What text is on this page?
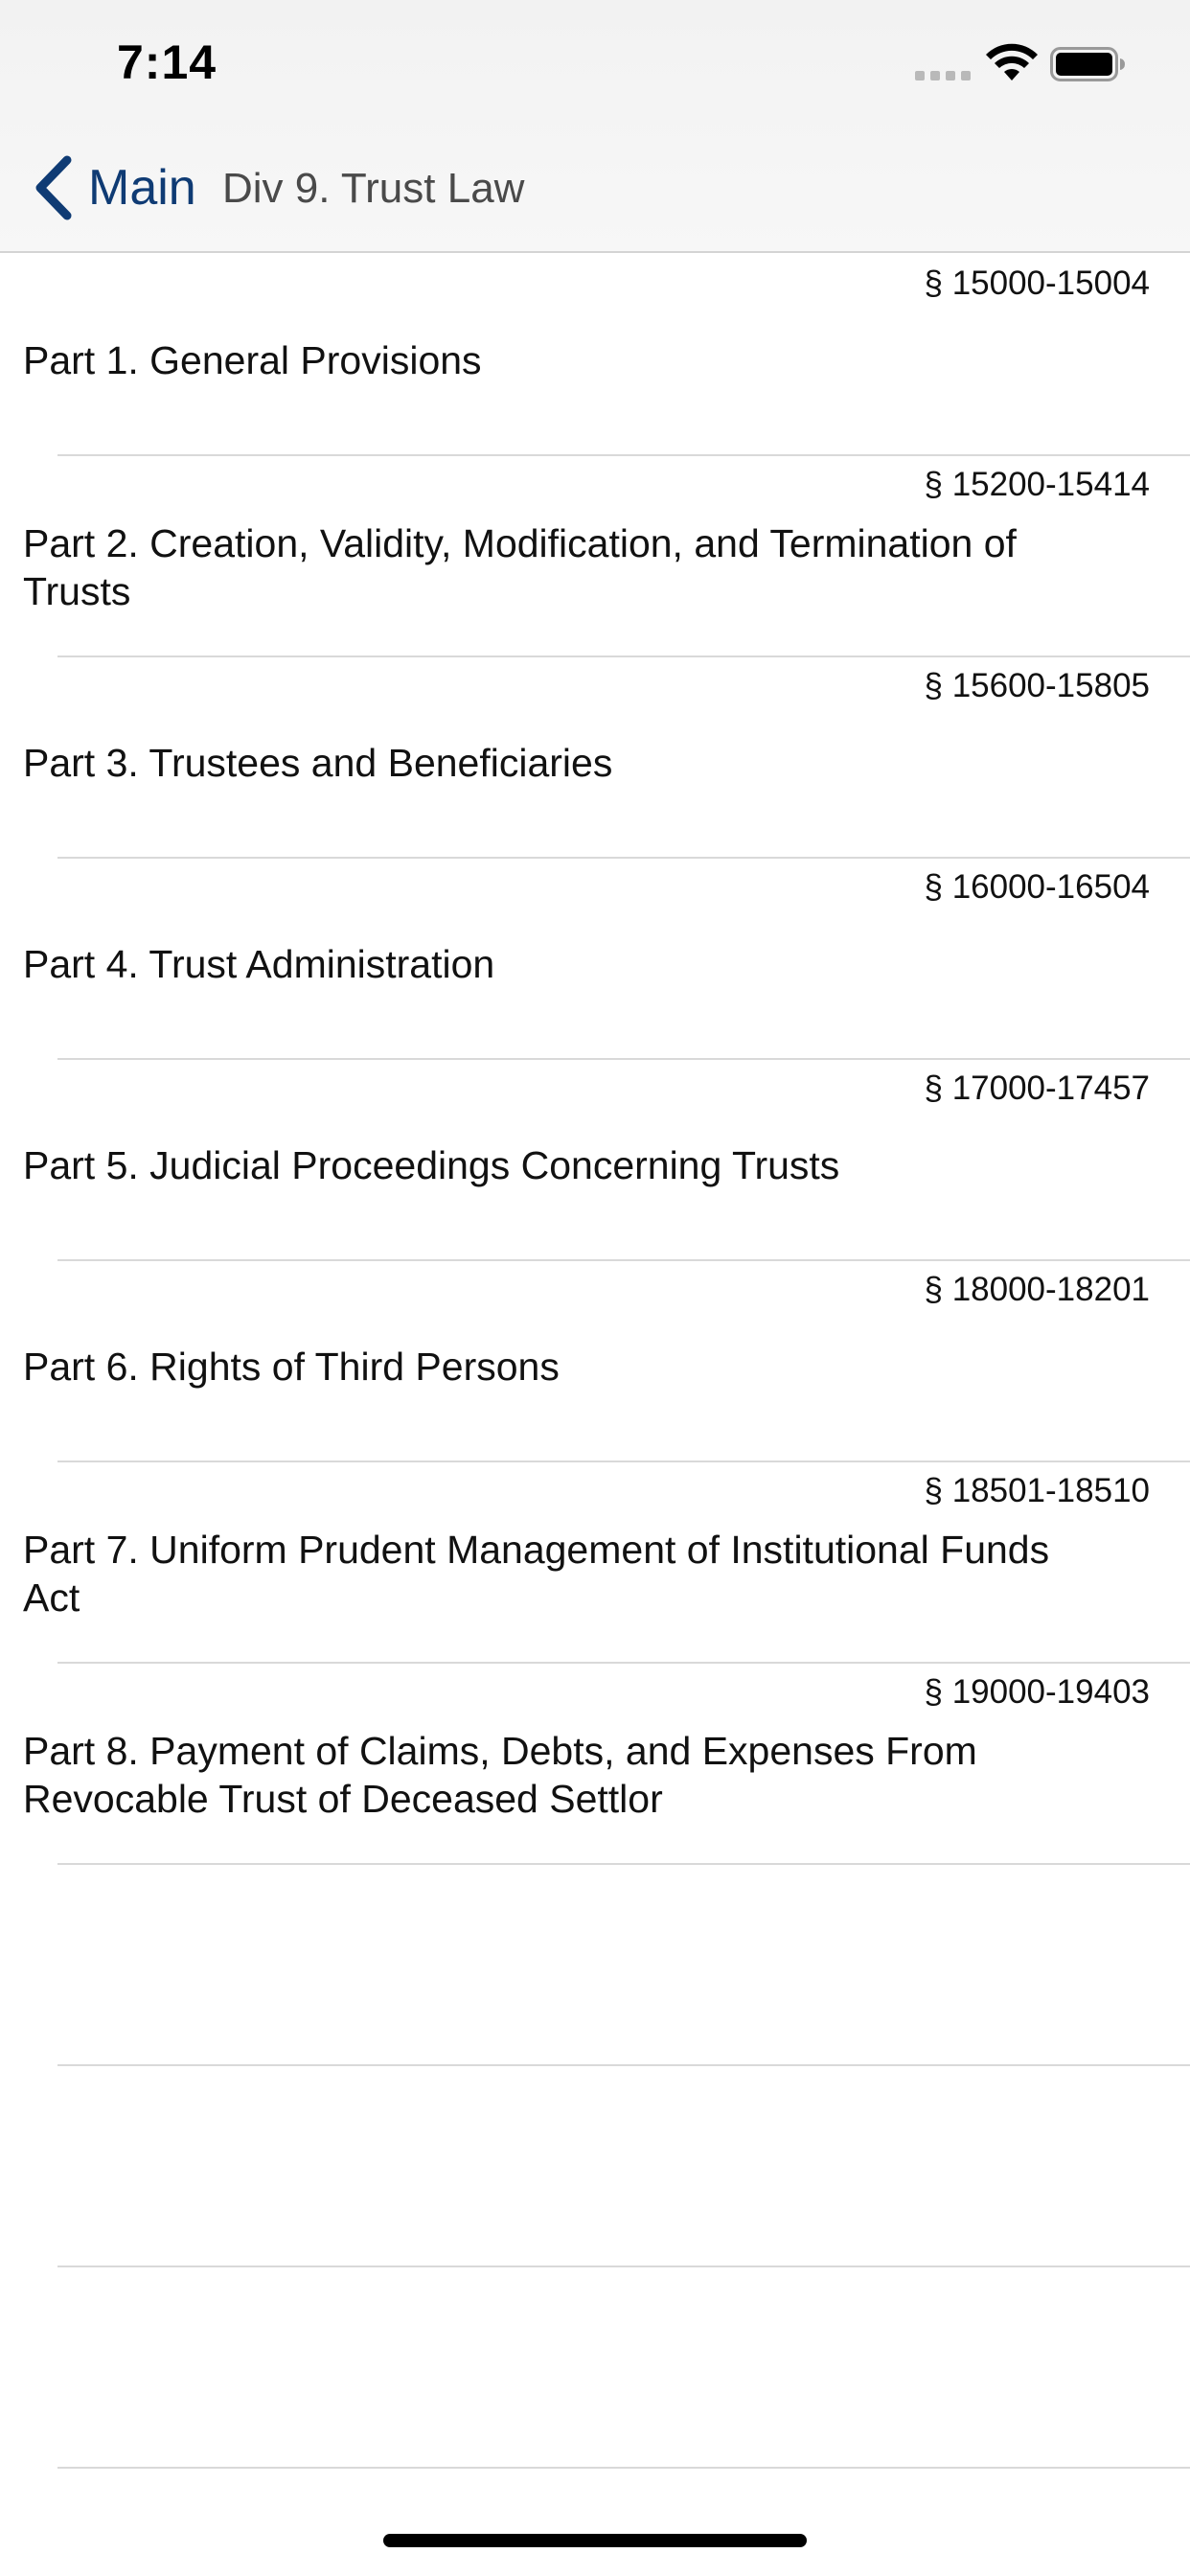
7:14
Main Div 9. Trust Law
§ 15000-15004
Part 1. General Provisions
§ 15200-15414
Part 2. Creation, Validity, Modification, and Termination of Trusts
§ 15600-15805
Part 3. Trustees and Beneficiaries
§ 16000-16504
Part 4. Trust Administration
§ 17000-17457
Part 5. Judicial Proceedings Concerning Trusts
§ 18000-18201
Part 6. Rights of Third Persons
§ 18501-18510
Part 7. Uniform Prudent Management of Institutional Funds Act
§ 19000-19403
Part 8. Payment of Claims, Debts, and Expenses From Revocable Trust of Deceased Settlor
